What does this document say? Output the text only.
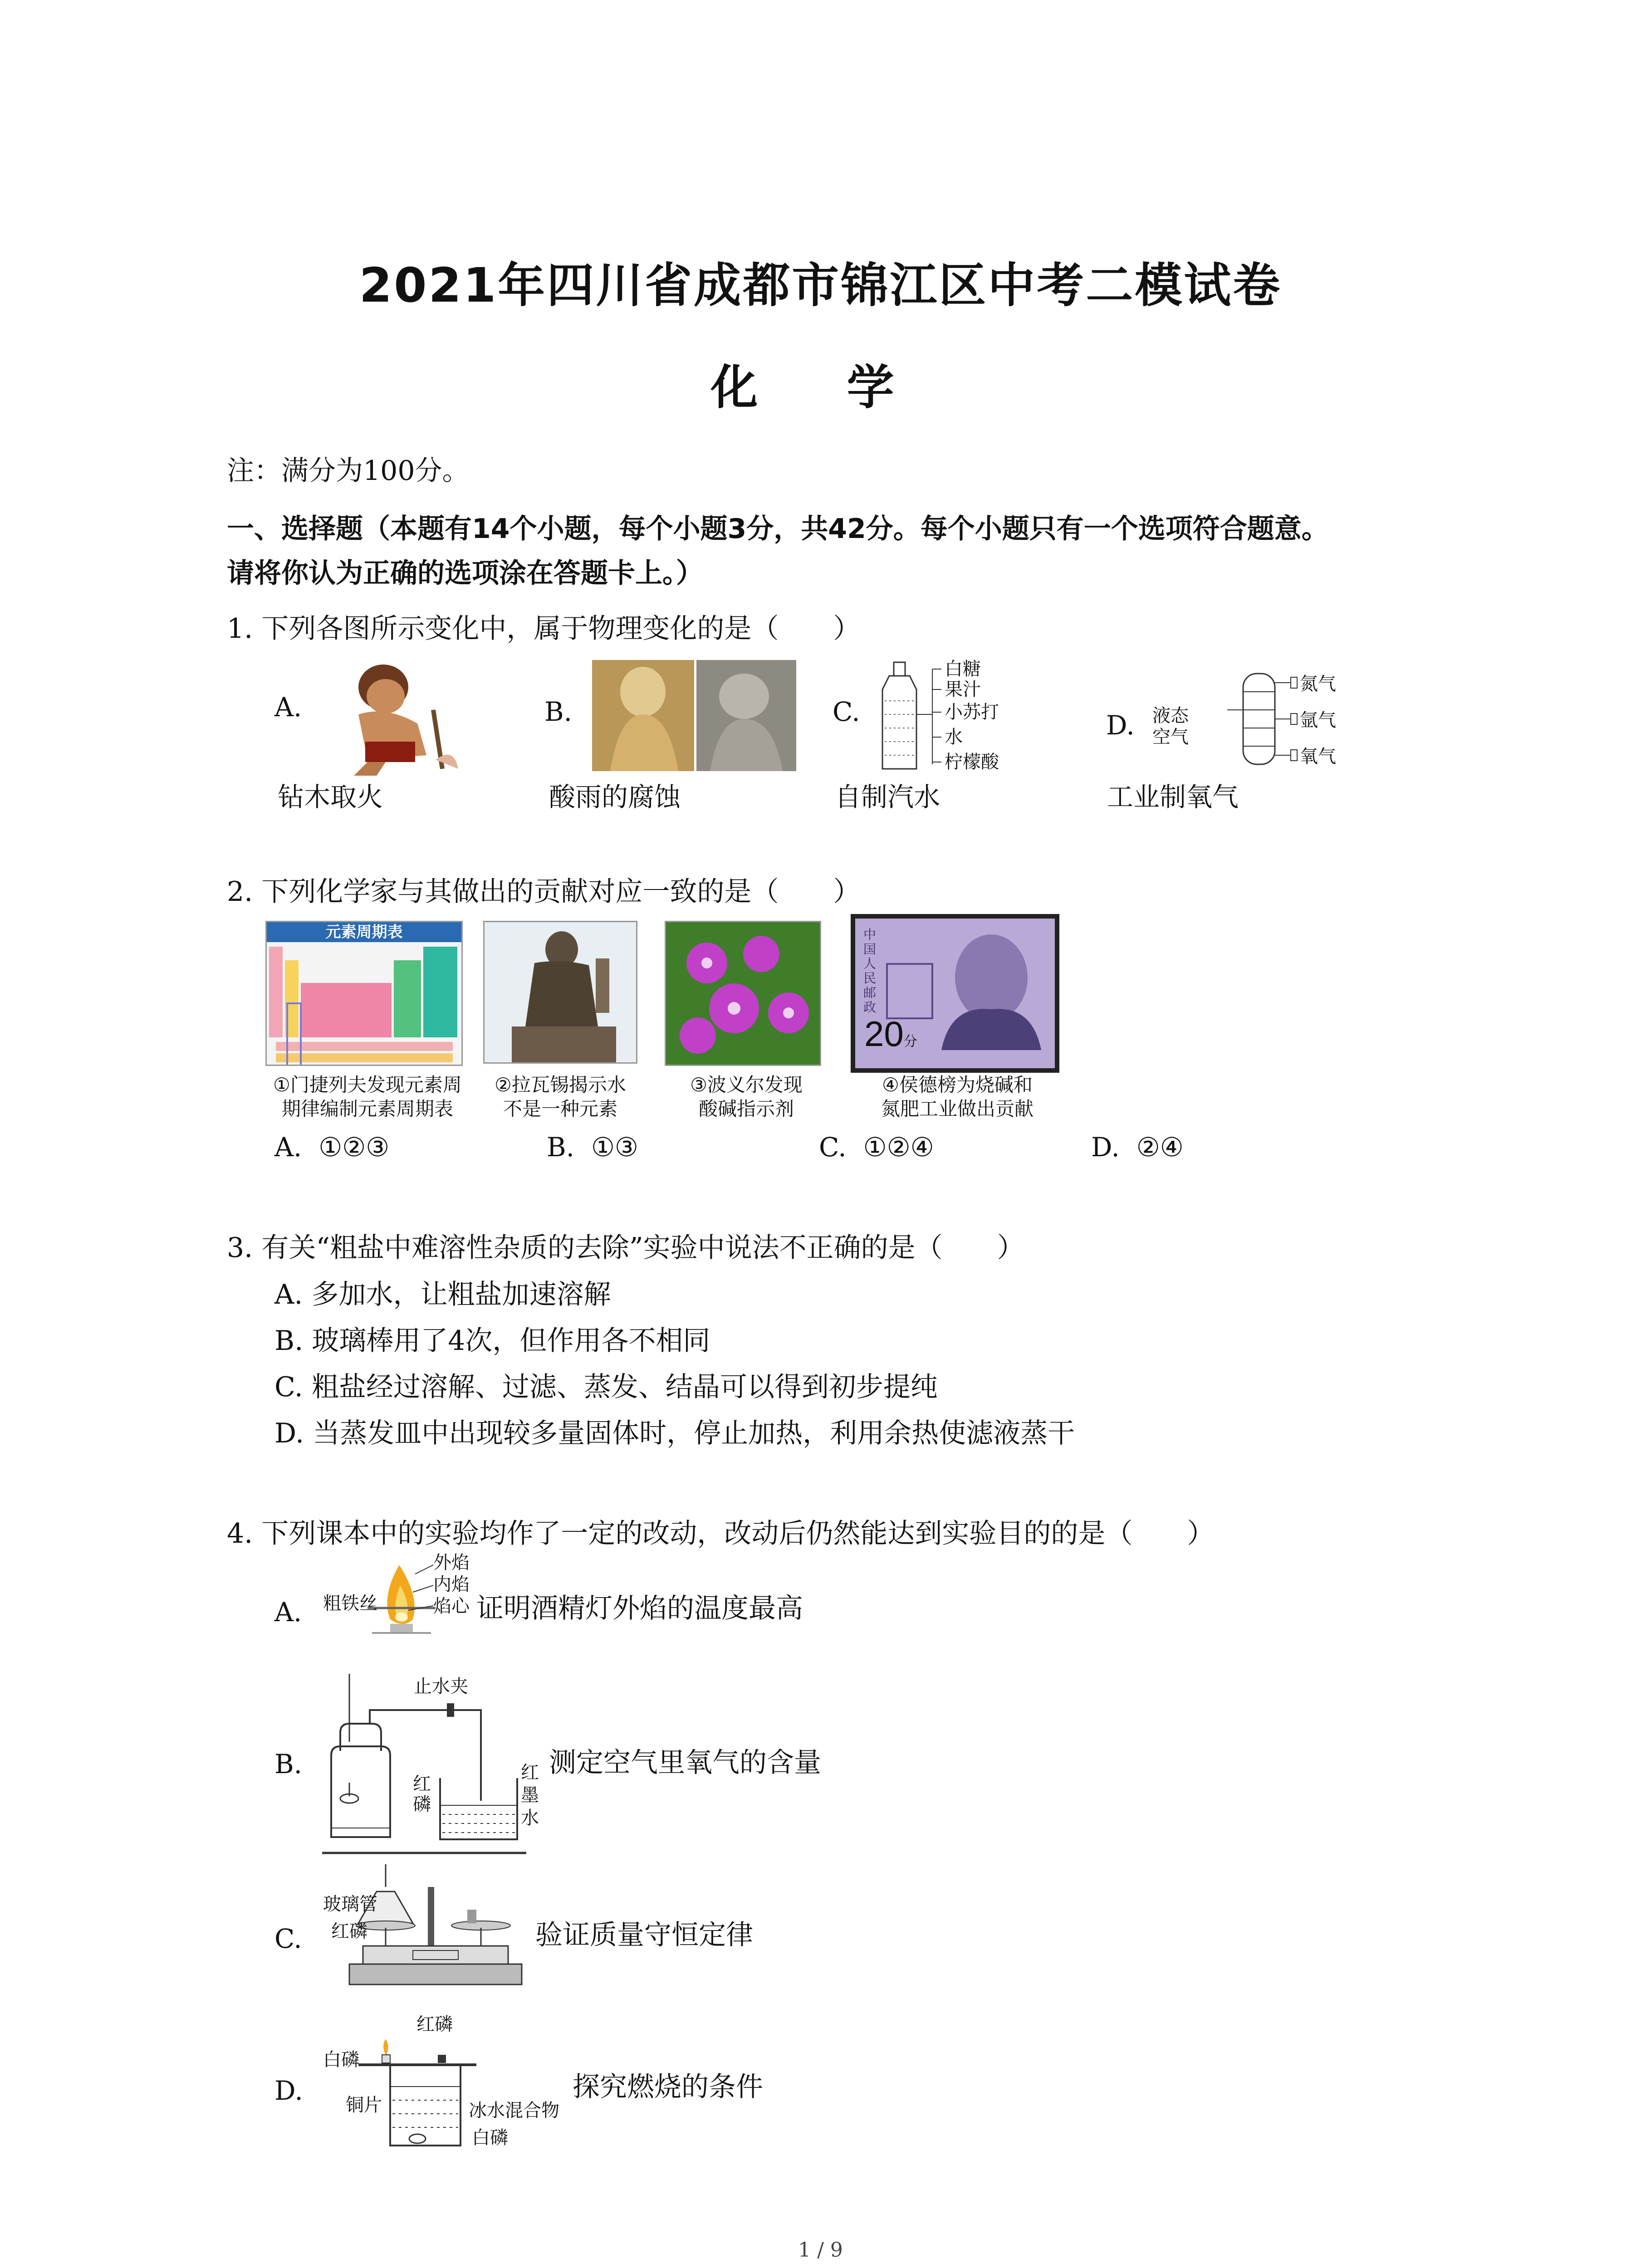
2021年四川省成都市锦江区中考二模试卷
化 学
注：满分为100分。
一、选择题（本题有14个小题，每个小题3分，共42分。每个小题只有一个选项符合题意。
请将你认为正确的选项涂在答题卡上。）
1. 下列各图所示变化中，属于物理变化的是（　　）
A.
钻木取火
B.
酸雨的腐蚀
C.
白糖
果汁
小苏打
水
柠檬酸
自制汽水
D. 液态
空气
氮气
氩气
氧气
工业制氧气
2. 下列化学家与其做出的贡献对应一致的是（　　）
元素周期表
①门捷列夫发现元素周
期律编制元素周期表
②拉瓦锡揭示水
不是一种元素
③波义尔发现
酸碱指示剂
中国人民邮政
20分
④侯德榜为烧碱和
氮肥工业做出贡献
A. ①②③	B. ①③	C. ①②④	D. ②④
3. 有关“粗盐中难溶性杂质的去除”实验中说法不正确的是（　　）
A. 多加水，让粗盐加速溶解
B. 玻璃棒用了4次，但作用各不相同
C. 粗盐经过溶解、过滤、蒸发、结晶可以得到初步提纯
D. 当蒸发皿中出现较多量固体时，停止加热，利用余热使滤液蒸干
4. 下列课本中的实验均作了一定的改动，改动后仍然能达到实验目的的是（　　）
A.
外焰
内焰
焰心
粗铁丝	证明酒精灯外焰的温度最高
B.
止水夹
红
磷
红
墨
水
测定空气里氧气的含量
C.
玻璃管
红磷	验证质量守恒定律
D.
红磷
白磷
铜片	冰水混合物
白磷
探究燃烧的条件
1 / 9
